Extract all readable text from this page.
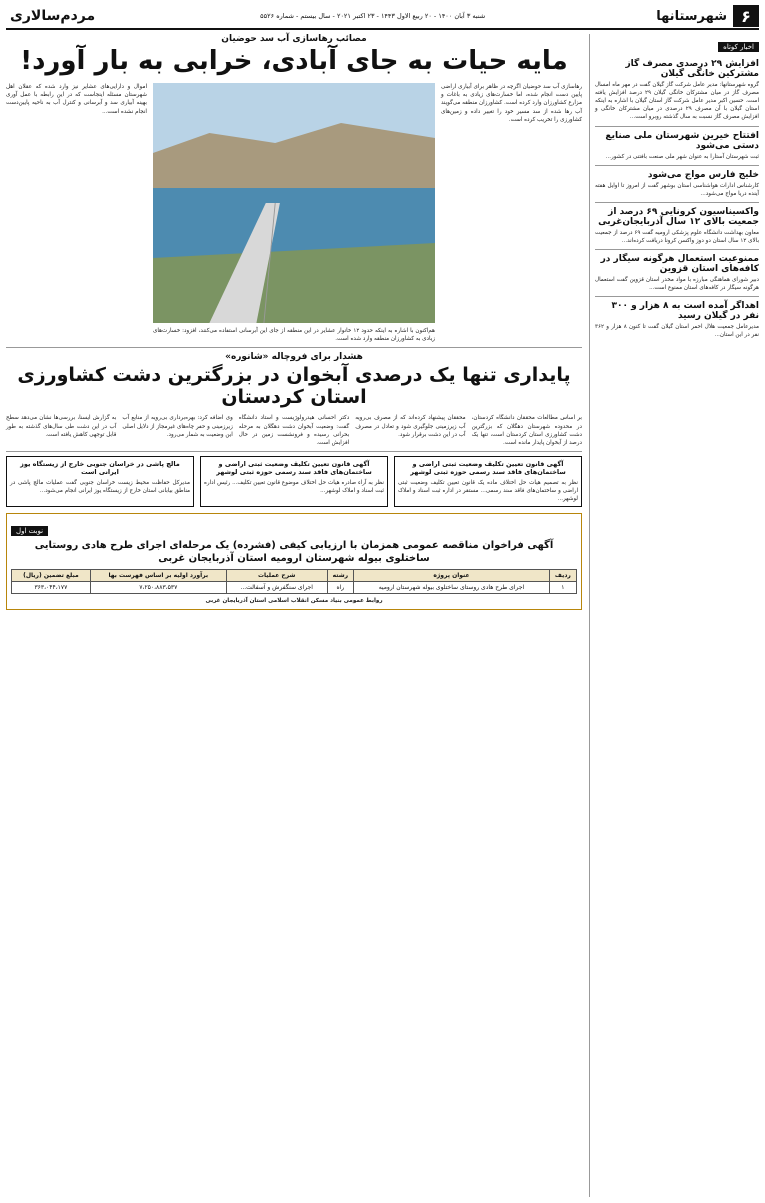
۶
شهرستانها
شنبه ۳ آبان ۱۴۰۰ - ۲۰ ربیع الاول ۱۴۴۳ - ۲۳ اکتبر ۲۰۲۱ - سال بیستم - شماره ۵۵۲۶
مردم‌سالاری
اخبار کوتاه
افزایش ۲۹ درصدی مصرف گاز مشترکین خانگی گیلان

گروه شهرستانها: مدیر عامل شرکت گاز گیلان گفت در مهر ماه امسال مصرف گاز در میان مشترکان خانگی گیلان ۲۹ درصد افزایش یافته است. حسین اکبر مدیر عامل شرکت گاز استان گیلان با اشاره به اینکه استان گیلان با آن مصرف ۲۹ درصدی در میان مشترکان خانگی و افزایش مصرف گاز نسبت به سال گذشته روبرو است...

افتتاح خیرین شهرستان ملی صنایع دستی می‌شود

ثبت شهرستان آستارا به عنوان شهر ملی صنعت بافتنی در کشور...

خلیج فارس مواج می‌شود

کارشناس ادارات هواشناسی استان بوشهر گفت از امروز تا اوایل هفته آینده دریا مواج می‌شود...

واکسیناسیون کرونایی ۶۹ درصد از جمعیت بالای ۱۲ سال آذربایجان‌غربی

معاون بهداشت دانشگاه علوم پزشکی ارومیه گفت ۶۹ درصد از جمعیت بالای ۱۲ سال استان دو دوز واکسن کرونا دریافت کرده‌اند...

ممنوعیت استعمال هرگونه سیگار در کافه‌های استان قزوین

دبیر شورای هماهنگی مبارزه با مواد مخدر استان قزوین گفت استعمال هرگونه سیگار در کافه‌های استان ممنوع است...

اهداگر آمده است به ۸ هزار و ۳۰۰ نفر در گیلان رسید

مدیرعامل جمعیت هلال احمر استان گیلان گفت تا کنون ۸ هزار و ۳۶۲ نفر در این استان...

مصائب رهاسازی آب سد حوضیان
مایه حیات به جای آبادی، خرابی به بار آورد!

رهاسازی آب سد حوضیان اگرچه در ظاهر برای آبیاری اراضی پایین دست انجام شده، اما خسارت‌های زیادی به باغات و مزارع کشاورزان وارد کرده است. کشاورزان منطقه می‌گویند آب رها شده از سد مسیر خود را تغییر داده و زمین‌های کشاورزی را تخریب کرده است.

هم‌اکنون با اشاره به اینکه حدود ۱۲ خانوار عشایر در این منطقه از جای این آبرسانی استفاده می‌کنند، افزود: خسارت‌های زیادی به کشاورزان منطقه وارد شده است.

اموال و دارایی‌های عشایر نیز وارد شده که عقلان اهل شهرستان مسئله اینجاست که در این رابطه با عمل آوری بهینه آبیاری سد و آبرسانی و کنترل آب به ناحیه پایین‌دست انجام نشده است...

هشدار برای فروچاله «شانوره»
پایداری تنها یک درصدی آبخوان در بزرگترین دشت کشاورزی استان کردستان

بر اساس مطالعات محققان دانشگاه کردستان، در محدوده شهرستان دهگلان که بزرگترین دشت کشاورزی استان کردستان است، تنها یک درصد از آبخوان پایدار مانده است.

محققان پیشنهاد کرده‌اند که از مصرف بی‌رویه آب زیرزمینی جلوگیری شود و تعادل در مصرف آب در این دشت برقرار شود.

دکتر احسانی هیدرولوژیست و استاد دانشگاه گفت: وضعیت آبخوان دشت دهگلان به مرحله بحرانی رسیده و فرونشست زمین در حال افزایش است.

وی اضافه کرد: بهره‌برداری بی‌رویه از منابع آب زیرزمینی و حفر چاه‌های غیرمجاز از دلایل اصلی این وضعیت به شمار می‌رود.

به گزارش ایسنا، بررسی‌ها نشان می‌دهد سطح آب در این دشت طی سال‌های گذشته به طور قابل توجهی کاهش یافته است.

آگهی قانون تعیین تکلیف وضعیت ثبتی اراضی و ساختمان‌های فاقد سند رسمی حوزه ثبتی لوشهر

نظر به تصمیم هیات حل اختلاف ماده یک قانون تعیین تکلیف وضعیت ثبتی اراضی و ساختمان‌های فاقد سند رسمی... مستقر در اداره ثبت اسناد و املاک لوشهر...

آگهی قانون تعیین تکلیف وضعیت ثبتی اراضی و ساختمان‌های فاقد سند رسمی حوزه ثبتی لوشهر

نظر به آراء صادره هیات حل اختلاف موضوع قانون تعیین تکلیف... رئیس اداره ثبت اسناد و املاک لوشهر...

مالچ پاشی در خراسان جنوبی خارج از زیستگاه یوز ایرانی است

مدیرکل حفاظت محیط زیست خراسان جنوبی گفت عملیات مالچ پاشی در مناطق بیابانی استان خارج از زیستگاه یوز ایرانی انجام می‌شود...

نوبت اول
آگهی فراخوان مناقصه عمومی همزمان با ارزیابی کیفی (فشرده) یک مرحله‌ای اجرای طرح هادی روستایی ساختلوی بیوله شهرستان ارومیه استان آذربایجان غربی
ردیف	عنوان پروژه	رشته	شرح عملیات	برآورد اولیه بر اساس فهرست بها	مبلغ تضمین (ریال)
۱	اجرای طرح هادی روستای ساختلوی بیوله شهرستان ارومیه	راه	اجرای سنگفرش و آسفالت...	۷،۲۵۰،۸۸۳،۵۳۷	۳۶۳،۰۴۴،۱۷۷
روابط عمومی بنیاد مسکن انقلاب اسلامی استان آذربایجان غربی
